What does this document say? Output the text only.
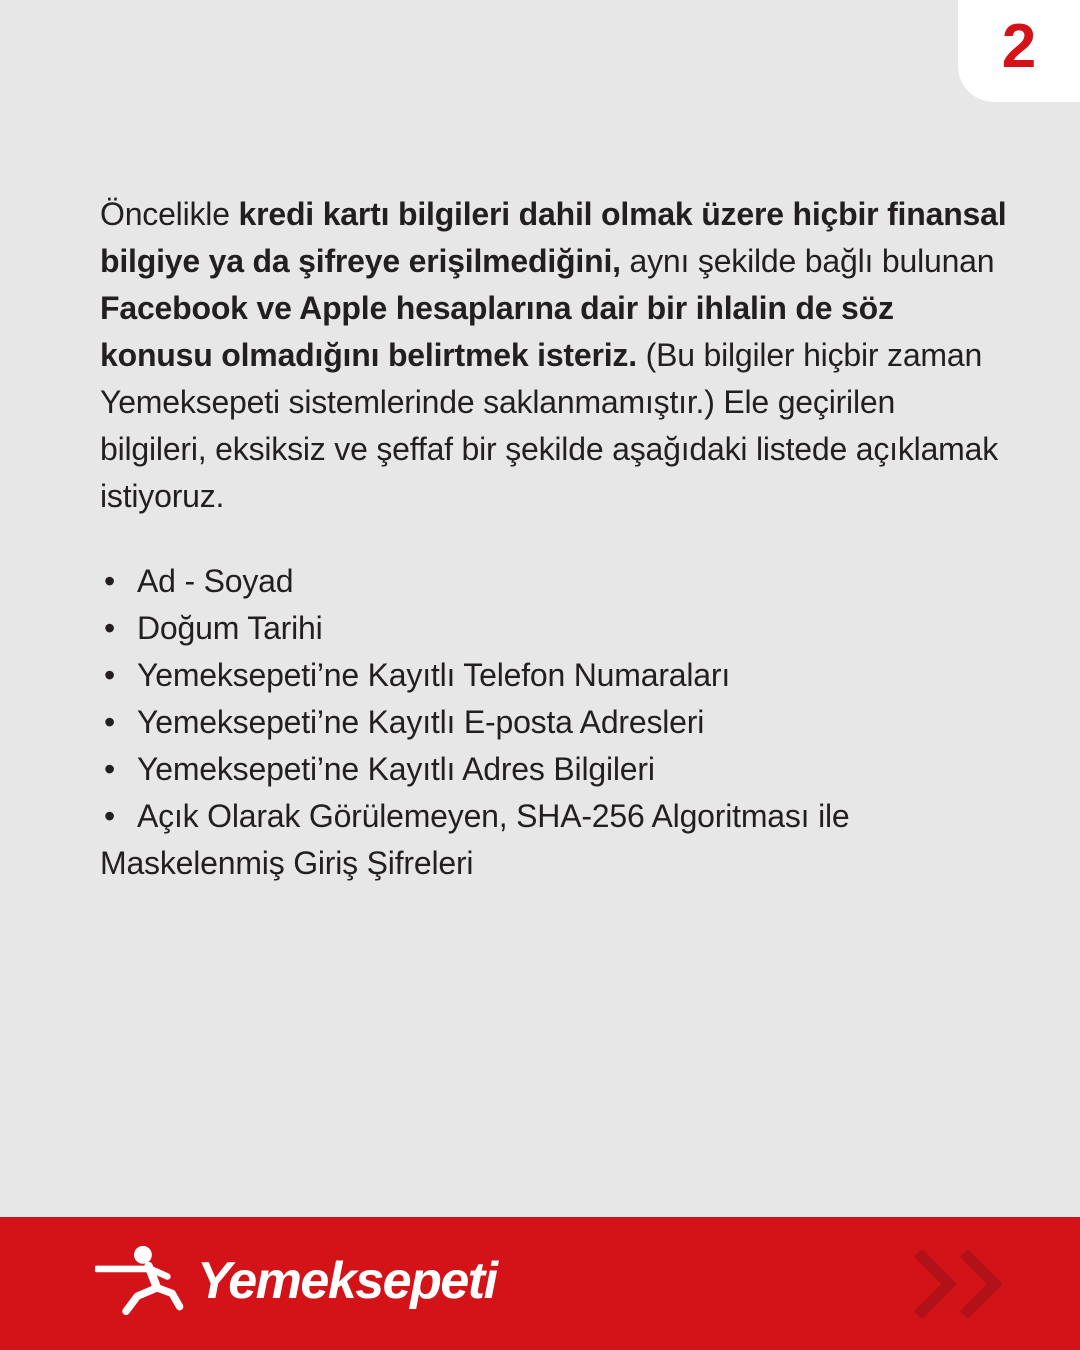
2

Öncelikle kredi kartı bilgileri dahil olmak üzere hiçbir finansal bilgiye ya da şifreye erişilmediğini, aynı şekilde bağlı bulunan Facebook ve Apple hesaplarına dair bir ihlalin de söz konusu olmadığını belirtmek isteriz. (Bu bilgiler hiçbir zaman Yemeksepeti sistemlerinde saklanmamıştır.) Ele geçirilen bilgileri, eksiksiz ve şeffaf bir şekilde aşağıdaki listede açıklamak istiyoruz.

• Ad - Soyad
• Doğum Tarihi
• Yemeksepeti’ne Kayıtlı Telefon Numaraları
• Yemeksepeti’ne Kayıtlı E-posta Adresleri
• Yemeksepeti’ne Kayıtlı Adres Bilgileri
• Açık Olarak Görülemeyen, SHA-256 Algoritması ile Maskelenmiş Giriş Şifreleri
Yemeksepeti
